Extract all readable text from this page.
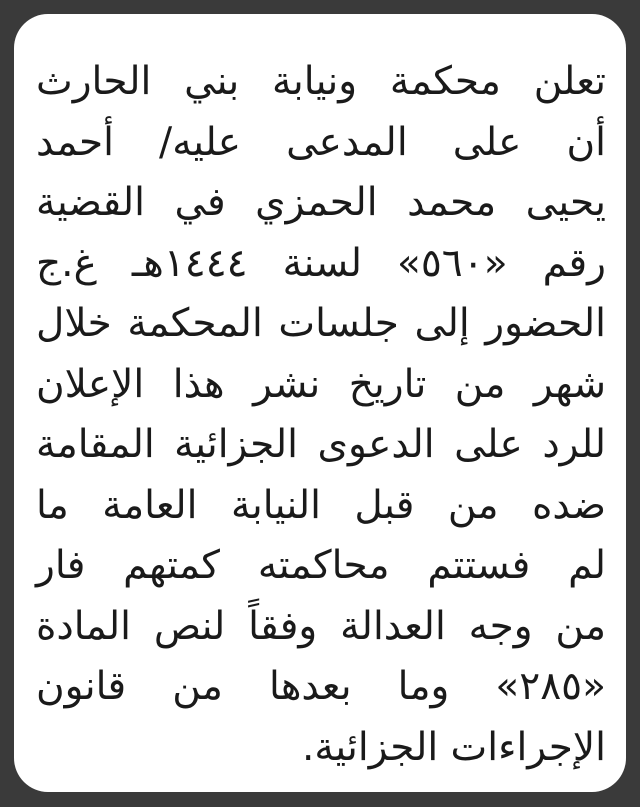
تعلن محكمة ونيابة بني الحارث
أن على المدعى عليه/ أحمد
يحيى محمد الحمزي في القضية
رقم «٥٦٠» لسنة ١٤٤٤هـ غ.ج
الحضور إلى جلسات المحكمة خلال
شهر من تاريخ نشر هذا الإعلان
للرد على الدعوى الجزائية المقامة
ضده من قبل النيابة العامة ما
لم فستتم محاكمته كمتهم فار
من وجه العدالة وفقاً لنص المادة
«٢٨٥» وما بعدها من قانون
الإجراءات الجزائية.
